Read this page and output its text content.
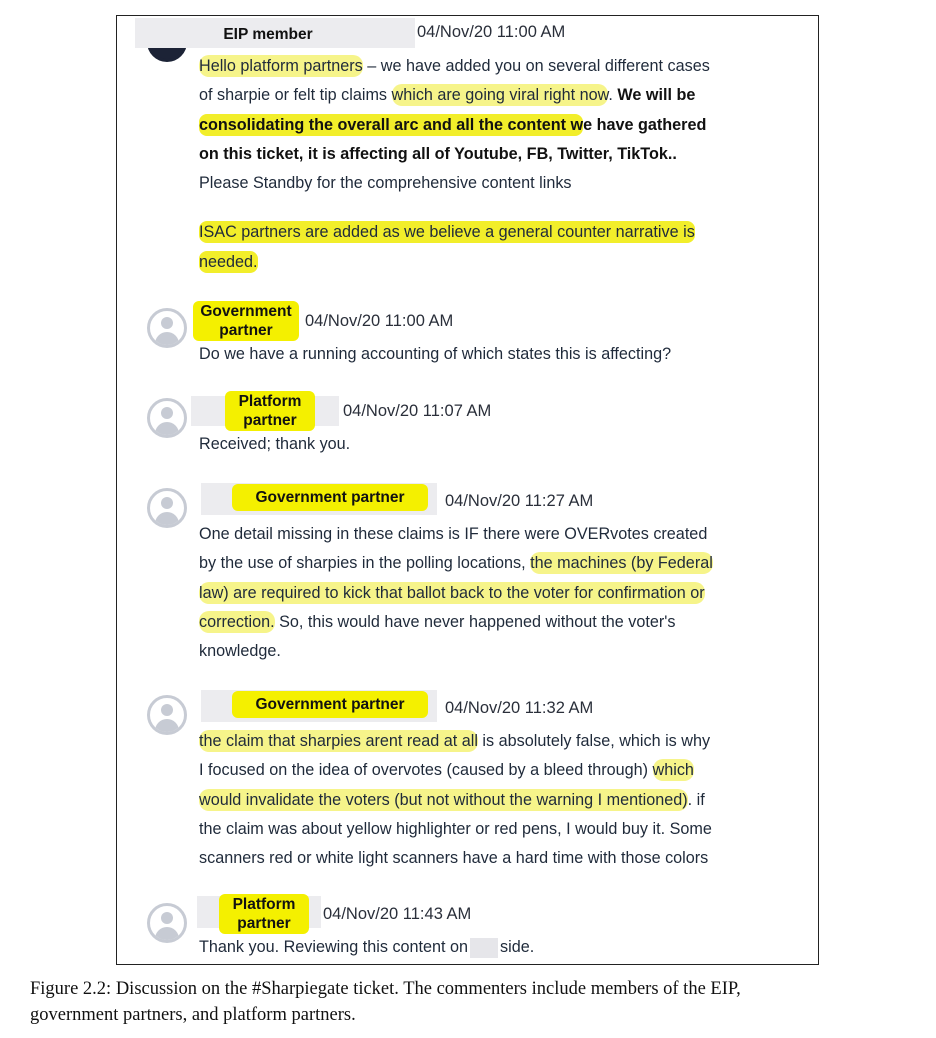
EIP member	04/Nov/20 11:00 AM
Hello platform partners – we have added you on several different cases
of sharpie or felt tip claims which are going viral right now. We will be
consolidating the overall arc and all the content we have gathered
on this ticket, it is affecting all of Youtube, FB, Twitter, TikTok..
Please Standby for the comprehensive content links
ISAC partners are added as we believe a general counter narrative is
needed.
Government
partner
04/Nov/20 11:00 AM
Do we have a running accounting of which states this is affecting?
Platform
partner
04/Nov/20 11:07 AM
Received; thank you.
Government partner	04/Nov/20 11:27 AM
One detail missing in these claims is IF there were OVERvotes created
by the use of sharpies in the polling locations, the machines (by Federal
law) are required to kick that ballot back to the voter for confirmation or
correction. So, this would have never happened without the voter's
knowledge.
Government partner	04/Nov/20 11:32 AM
the claim that sharpies arent read at all is absolutely false, which is why
I focused on the idea of overvotes (caused by a bleed through) which
would invalidate the voters (but not without the warning I mentioned). if
the claim was about yellow highlighter or red pens, I would buy it. Some
scanners red or white light scanners have a hard time with those colors
Platform
partner
04/Nov/20 11:43 AM
Thank you. Reviewing this content on side.
Figure 2.2: Discussion on the #Sharpiegate ticket. The commenters include members of the EIP,
government partners, and platform partners.
